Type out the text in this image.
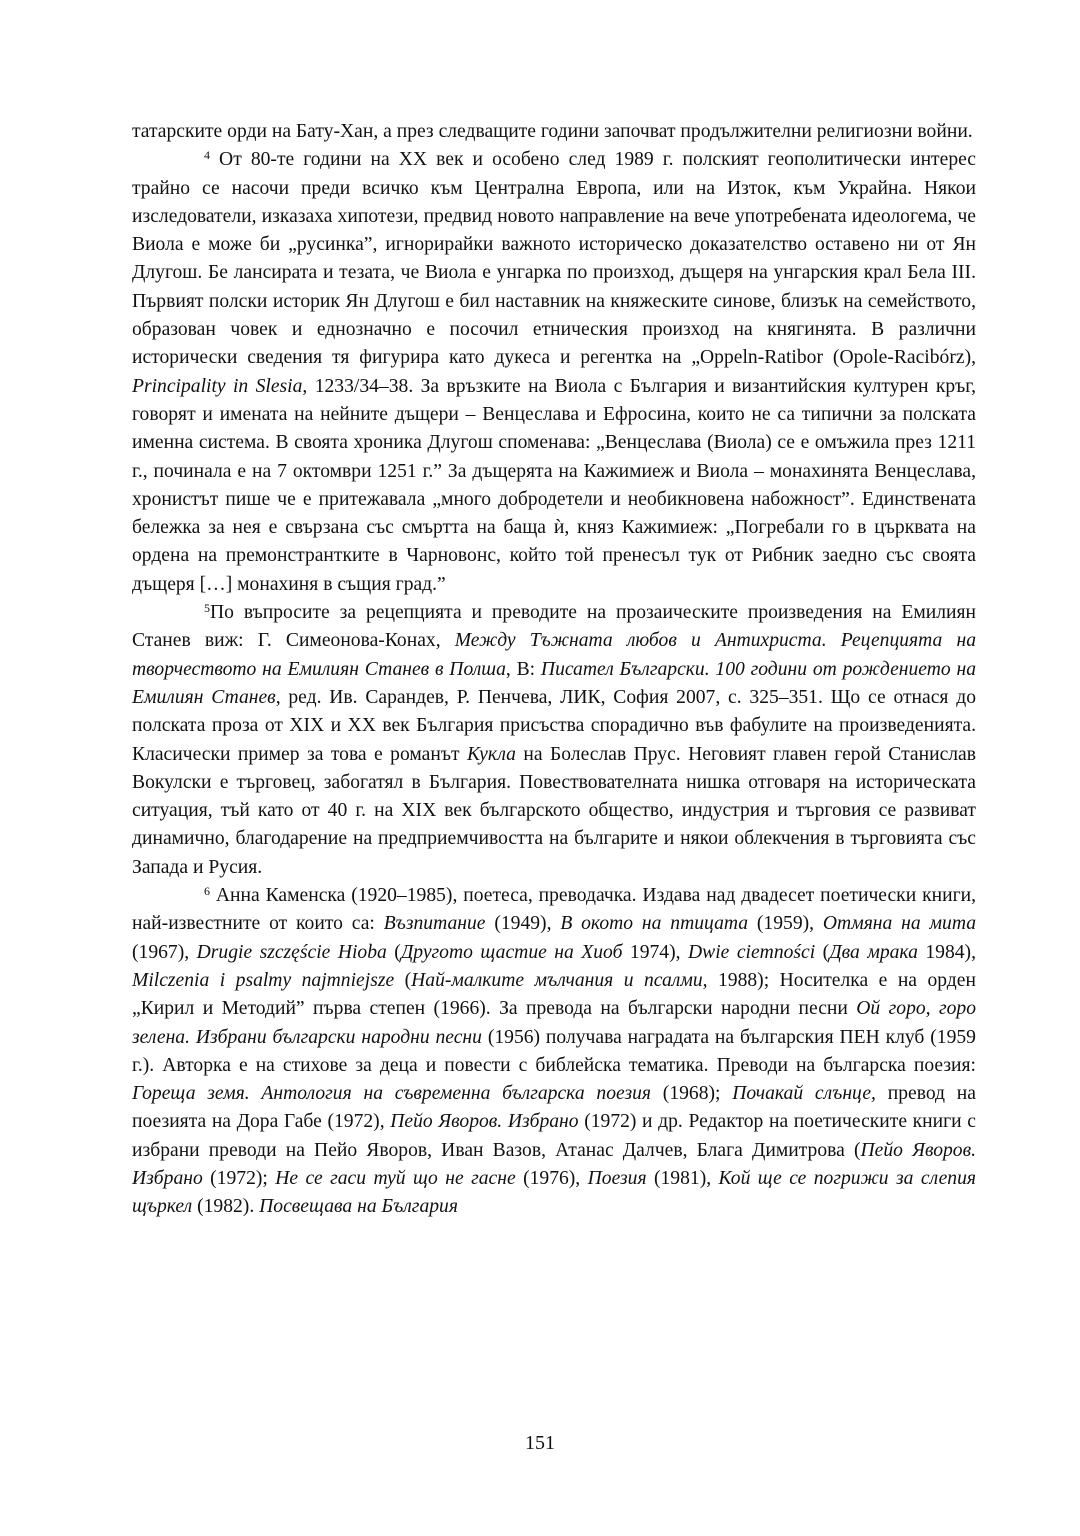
татарските орди на Бату-Хан, а през следващите години започват продължителни религиозни войни.

$^4$ От 80-те години на XX век и особено след 1989 г. полският геополитически интерес трайно се насочи преди всичко към Централна Европа, или на Изток, към Украйна. Някои изследователи, изказаха хипотези, предвид новото направление на вече употребената идеологема, че Виола е може би „русинка”, игнорирайки важното историческо доказателство оставено ни от Ян Длугош. Бе лансирата и тезата, че Виола е унгарка по произход, дъщеря на унгарския крал Бела III. Първият полски историк Ян Длугош е бил наставник на княжеските синове, близък на семейството, образован човек и еднозначно е посочил етническия произход на княгинята. В различни исторически сведения тя фигурира като дукеса и регентка на „Oppeln-Ratibor (Opole-Racibórz), Principality in Slesia, 1233/34–38. За връзките на Виола с България и византийския културен кръг, говорят и имената на нейните дъщери – Венцеслава и Ефросина, които не са типични за полската именна система. В своята хроника Длугош споменава: „Венцеслава (Виола) се е омъжила през 1211 г., починала е на 7 октомври 1251 г.” За дъщерята на Кажимиеж и Виола – монахинята Венцеслава, хронистът пише че е притежавала „много добродетели и необикновена набожност”. Единствената бележка за нея е свързана със смъртта на баща ѝ, княз Кажимиеж: „Погребали го в църквата на ордена на премонстрантките в Чарновонс, който той пренесъл тук от Рибник заедно със своята дъщеря […] монахиня в същия град.”

$^5$По въпросите за рецепцията и преводите на прозаическите произведения на Емилиян Станев виж: Г. Симеонова-Конах, Между Тъжната любов и Антихриста. Рецепцията на творчеството на Емилиян Станев в Полша, В: Писател Български. 100 години от рождението на Емилиян Станев, ред. Ив. Сарандев, Р. Пенчева, ЛИК, София 2007, с. 325–351. Що се отнася до полската проза от XIX и XX век България присъства спорадично във фабулите на произведенията. Класически пример за това е романът Кукла на Болеслав Прус. Неговият главен герой Станислав Вокулски е търговец, забогатял в България. Повествователната нишка отговаря на историческата ситуация, тъй като от 40 г. на XIX век българското общество, индустрия и търговия се развиват динамично, благодарение на предприемчивостта на българите и някои облекчения в търговията със Запада и Русия.

$^6$ Анна Каменска (1920–1985), поетеса, преводачка. Издава над двадесет поетически книги, най-известните от които са: Възпитание (1949), В окото на птицата (1959), Отмяна на мита (1967), Drugie szczęście Hioba (Другото щастие на Хиоб 1974), Dwie ciemności (Два мрака 1984), Milczenia i psalmy najmniejsze (Най-малките мълчания и псалми, 1988); Носителка е на орден „Кирил и Методий” първа степен (1966). За превода на български народни песни Ой горо, горо зелена. Избрани български народни песни (1956) получава наградата на българския ПЕН клуб (1959 г.). Авторка е на стихове за деца и повести с библейска тематика. Преводи на българска поезия: Гореща земя. Антология на съвременна българска поезия (1968); Почакай слънце, превод на поезията на Дора Габе (1972), Пейо Яворов. Избрано (1972) и др. Редактор на поетическите книги с избрани преводи на Пейо Яворов, Иван Вазов, Атанас Далчев, Блага Димитрова (Пейо Яворов. Избрано (1972); Не се гаси туй що не гасне (1976), Поезия (1981), Кой ще се погрижи за слепия щъркел (1982). Посвещава на България

151
